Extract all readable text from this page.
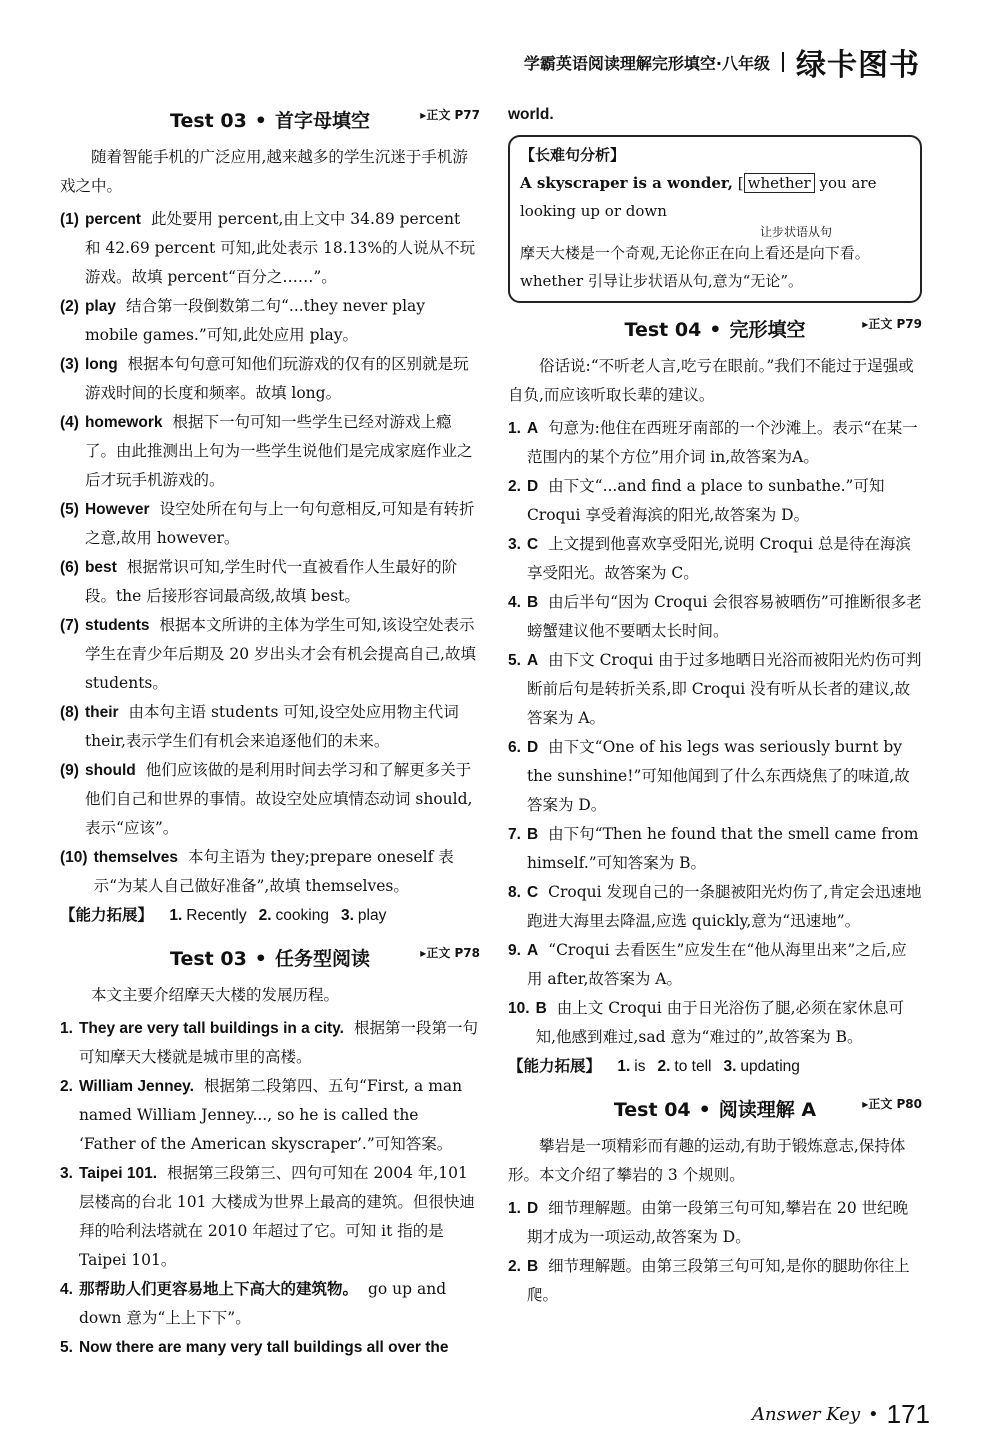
学霸英语阅读理解完形填空·八年级 绿卡图书
Test 03 • 首字母填空	▸正文 P77

随着智能手机的广泛应用,越来越多的学生沉迷于手机游戏之中。

(1) percent 此处要用 percent,由上文中 34.89 percent 和 42.69 percent 可知,此处表示 18.13%的人说从不玩游戏。故填 percent“百分之……”。
(2) play 结合第一段倒数第二句“...they never play mobile games.”可知,此处应用 play。
(3) long 根据本句句意可知他们玩游戏的仅有的区别就是玩游戏时间的长度和频率。故填 long。
(4) homework 根据下一句可知一些学生已经对游戏上瘾了。由此推测出上句为一些学生说他们是完成家庭作业之后才玩手机游戏的。
(5) However 设空处所在句与上一句句意相反,可知是有转折之意,故用 however。
(6) best 根据常识可知,学生时代一直被看作人生最好的阶段。the 后接形容词最高级,故填 best。
(7) students 根据本文所讲的主体为学生可知,该设空处表示学生在青少年后期及 20 岁出头才会有机会提高自己,故填 students。
(8) their 由本句主语 students 可知,设空处应用物主代词 their,表示学生们有机会来追逐他们的未来。
(9) should 他们应该做的是利用时间去学习和了解更多关于他们自己和世界的事情。故设空处应填情态动词 should,表示“应该”。
(10) themselves 本句主语为 they;prepare oneself 表示“为某人自己做好准备”,故填 themselves。
【能力拓展】 1. Recently 2. cooking 3. play
Test 03 • 任务型阅读	▸正文 P78

本文主要介绍摩天大楼的发展历程。

1. They are very tall buildings in a city. 根据第一段第一句可知摩天大楼就是城市里的高楼。
2. William Jenney. 根据第二段第四、五句“First, a man named William Jenney..., so he is called the ‘Father of the American skyscraper’.”可知答案。
3. Taipei 101. 根据第三段第三、四句可知在 2004 年,101 层楼高的台北 101 大楼成为世界上最高的建筑。但很快迪拜的哈利法塔就在 2010 年超过了它。可知 it 指的是 Taipei 101。
4. 那帮助人们更容易地上下高大的建筑物。 go up and down 意为“上上下下”。
5. Now there are many very tall buildings all over the
world.
【长难句分析】
A skyscraper is a wonder, [ whether you are looking up or down
让步状语从句
摩天大楼是一个奇观,无论你正在向上看还是向下看。
whether 引导让步状语从句,意为“无论”。
Test 04 • 完形填空	▸正文 P79

俗话说:“不听老人言,吃亏在眼前。”我们不能过于逞强或自负,而应该听取长辈的建议。

1. A 句意为:他住在西班牙南部的一个沙滩上。表示“在某一范围内的某个方位”用介词 in,故答案为A。
2. D 由下文“...and find a place to sunbathe.”可知 Croqui 享受着海滨的阳光,故答案为 D。
3. C 上文提到他喜欢享受阳光,说明 Croqui 总是待在海滨享受阳光。故答案为 C。
4. B 由后半句“因为 Croqui 会很容易被晒伤”可推断很多老螃蟹建议他不要晒太长时间。
5. A 由下文 Croqui 由于过多地晒日光浴而被阳光灼伤可判断前后句是转折关系,即 Croqui 没有听从长者的建议,故答案为 A。
6. D 由下文“One of his legs was seriously burnt by the sunshine!”可知他闻到了什么东西烧焦了的味道,故答案为 D。
7. B 由下句“Then he found that the smell came from himself.”可知答案为 B。
8. C Croqui 发现自己的一条腿被阳光灼伤了,肯定会迅速地跑进大海里去降温,应选 quickly,意为“迅速地”。
9. A “Croqui 去看医生”应发生在“他从海里出来”之后,应用 after,故答案为 A。
10. B 由上文 Croqui 由于日光浴伤了腿,必须在家休息可知,他感到难过,sad 意为“难过的”,故答案为 B。
【能力拓展】 1. is 2. to tell 3. updating
Test 04 • 阅读理解 A	▸正文 P80

攀岩是一项精彩而有趣的运动,有助于锻炼意志,保持体形。本文介绍了攀岩的 3 个规则。

1. D 细节理解题。由第一段第三句可知,攀岩在 20 世纪晚期才成为一项运动,故答案为 D。
2. B 细节理解题。由第三段第三句可知,是你的腿助你往上爬。
Answer Key • 171
